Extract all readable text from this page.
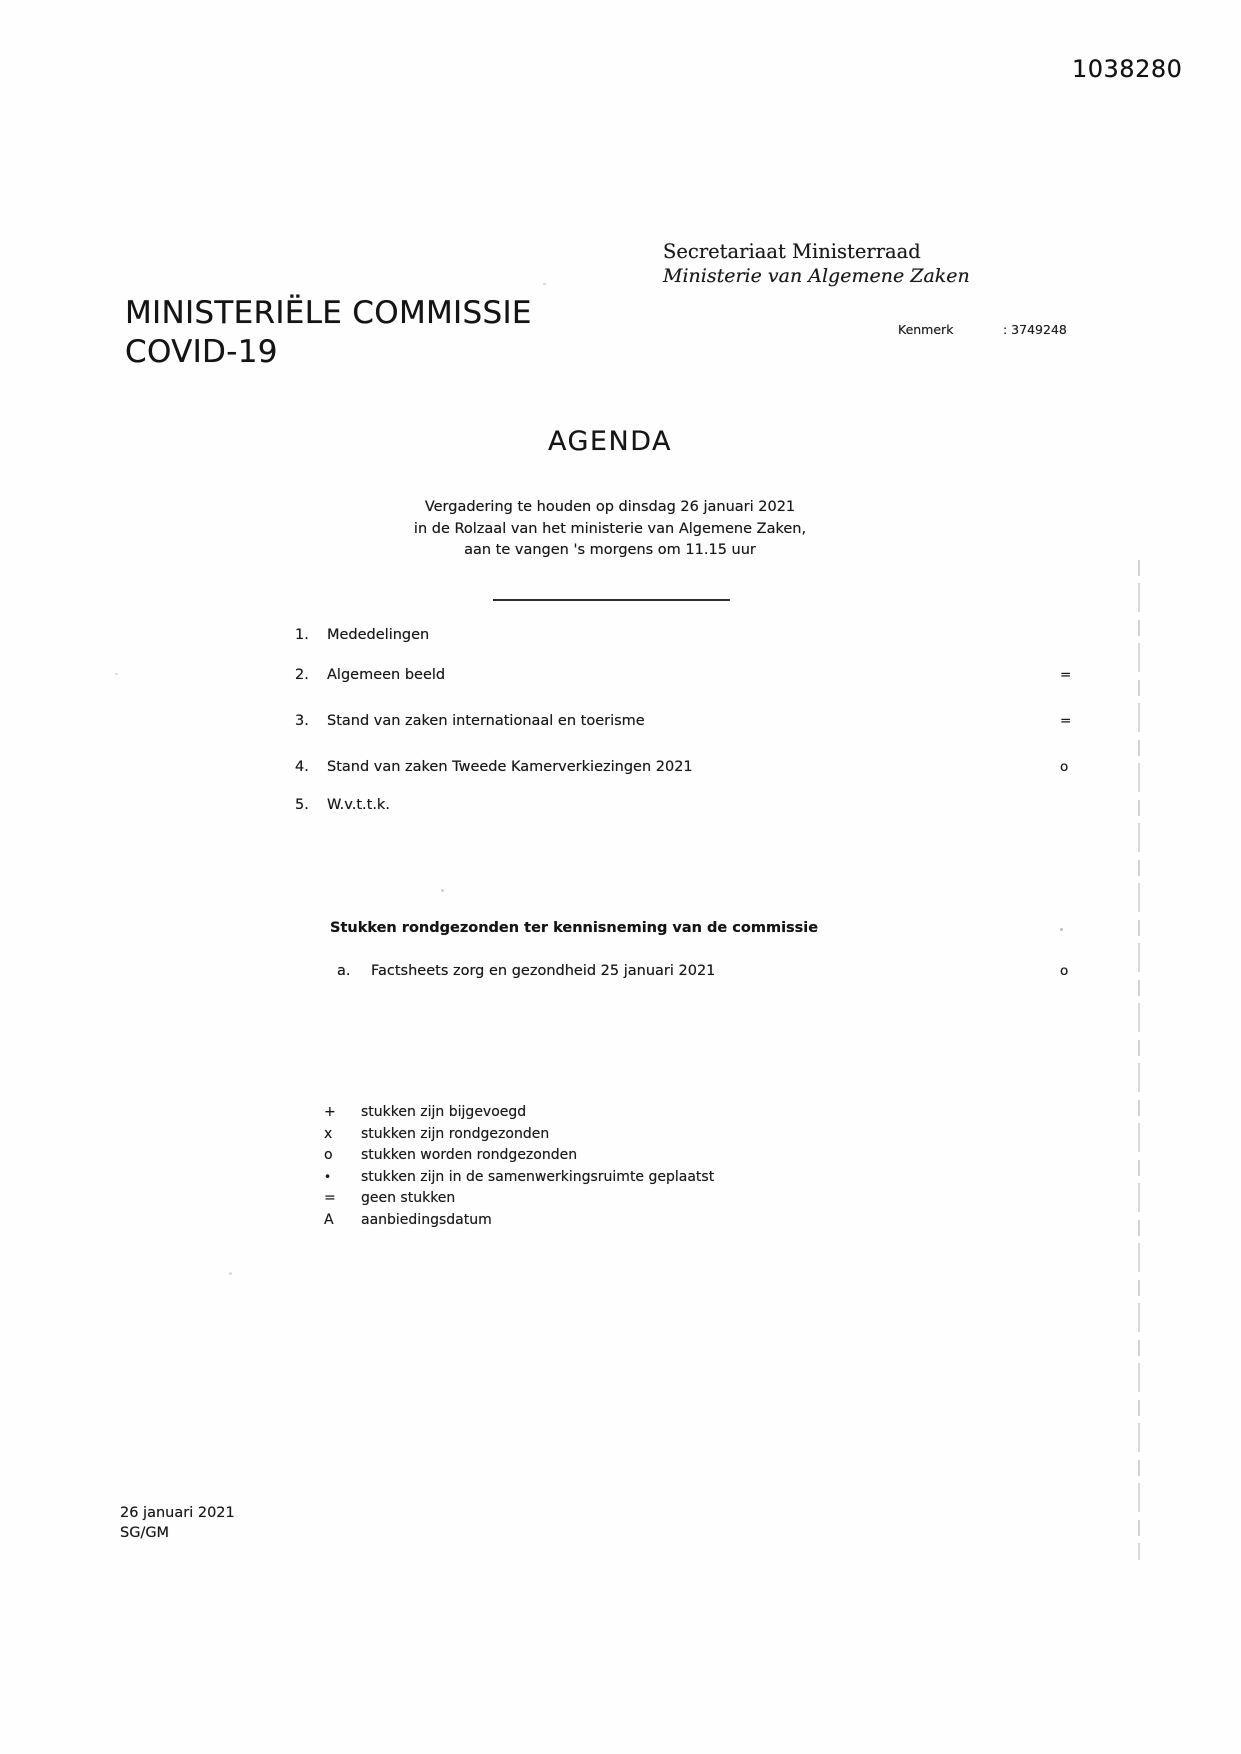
1038280
Secretariaat Ministerraad
Ministerie van Algemene Zaken
MINISTERIËLE COMMISSIE
COVID-19
Kenmerk	: 3749248
AGENDA
Vergadering te houden op dinsdag 26 januari 2021
in de Rolzaal van het ministerie van Algemene Zaken,
aan te vangen 's morgens om 11.15 uur
1. Mededelingen
2. Algemeen beeld	=
3. Stand van zaken internationaal en toerisme	=
4. Stand van zaken Tweede Kamerverkiezingen 2021	o
5. W.v.t.t.k.
Stukken rondgezonden ter kennisneming van de commissie
a. Factsheets zorg en gezondheid 25 januari 2021	o
+ stukken zijn bijgevoegd
x stukken zijn rondgezonden
o stukken worden rondgezonden
• stukken zijn in de samenwerkingsruimte geplaatst
= geen stukken
A aanbiedingsdatum
26 januari 2021
SG/GM
